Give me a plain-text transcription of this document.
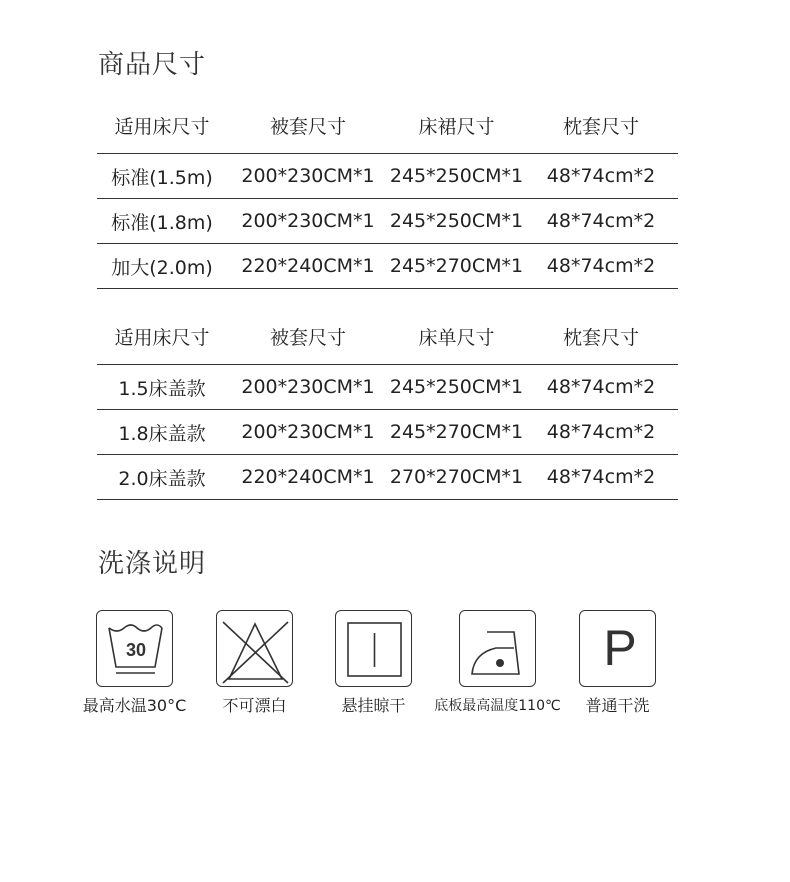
商品尺寸
适用床尺寸	被套尺寸	床裙尺寸	枕套尺寸
标准(1.5m)	200*230CM*1	245*250CM*1	48*74cm*2
标准(1.8m)	200*230CM*1	245*250CM*1	48*74cm*2
加大(2.0m)	220*240CM*1	245*270CM*1	48*74cm*2
适用床尺寸	被套尺寸	床单尺寸	枕套尺寸
1.5床盖款	200*230CM*1	245*250CM*1	48*74cm*2
1.8床盖款	200*230CM*1	245*270CM*1	48*74cm*2
2.0床盖款	220*240CM*1	270*270CM*1	48*74cm*2
洗涤说明
30
最高水温30°C 不可漂白	悬挂晾干 底板最高温度110℃
P
普通干洗
